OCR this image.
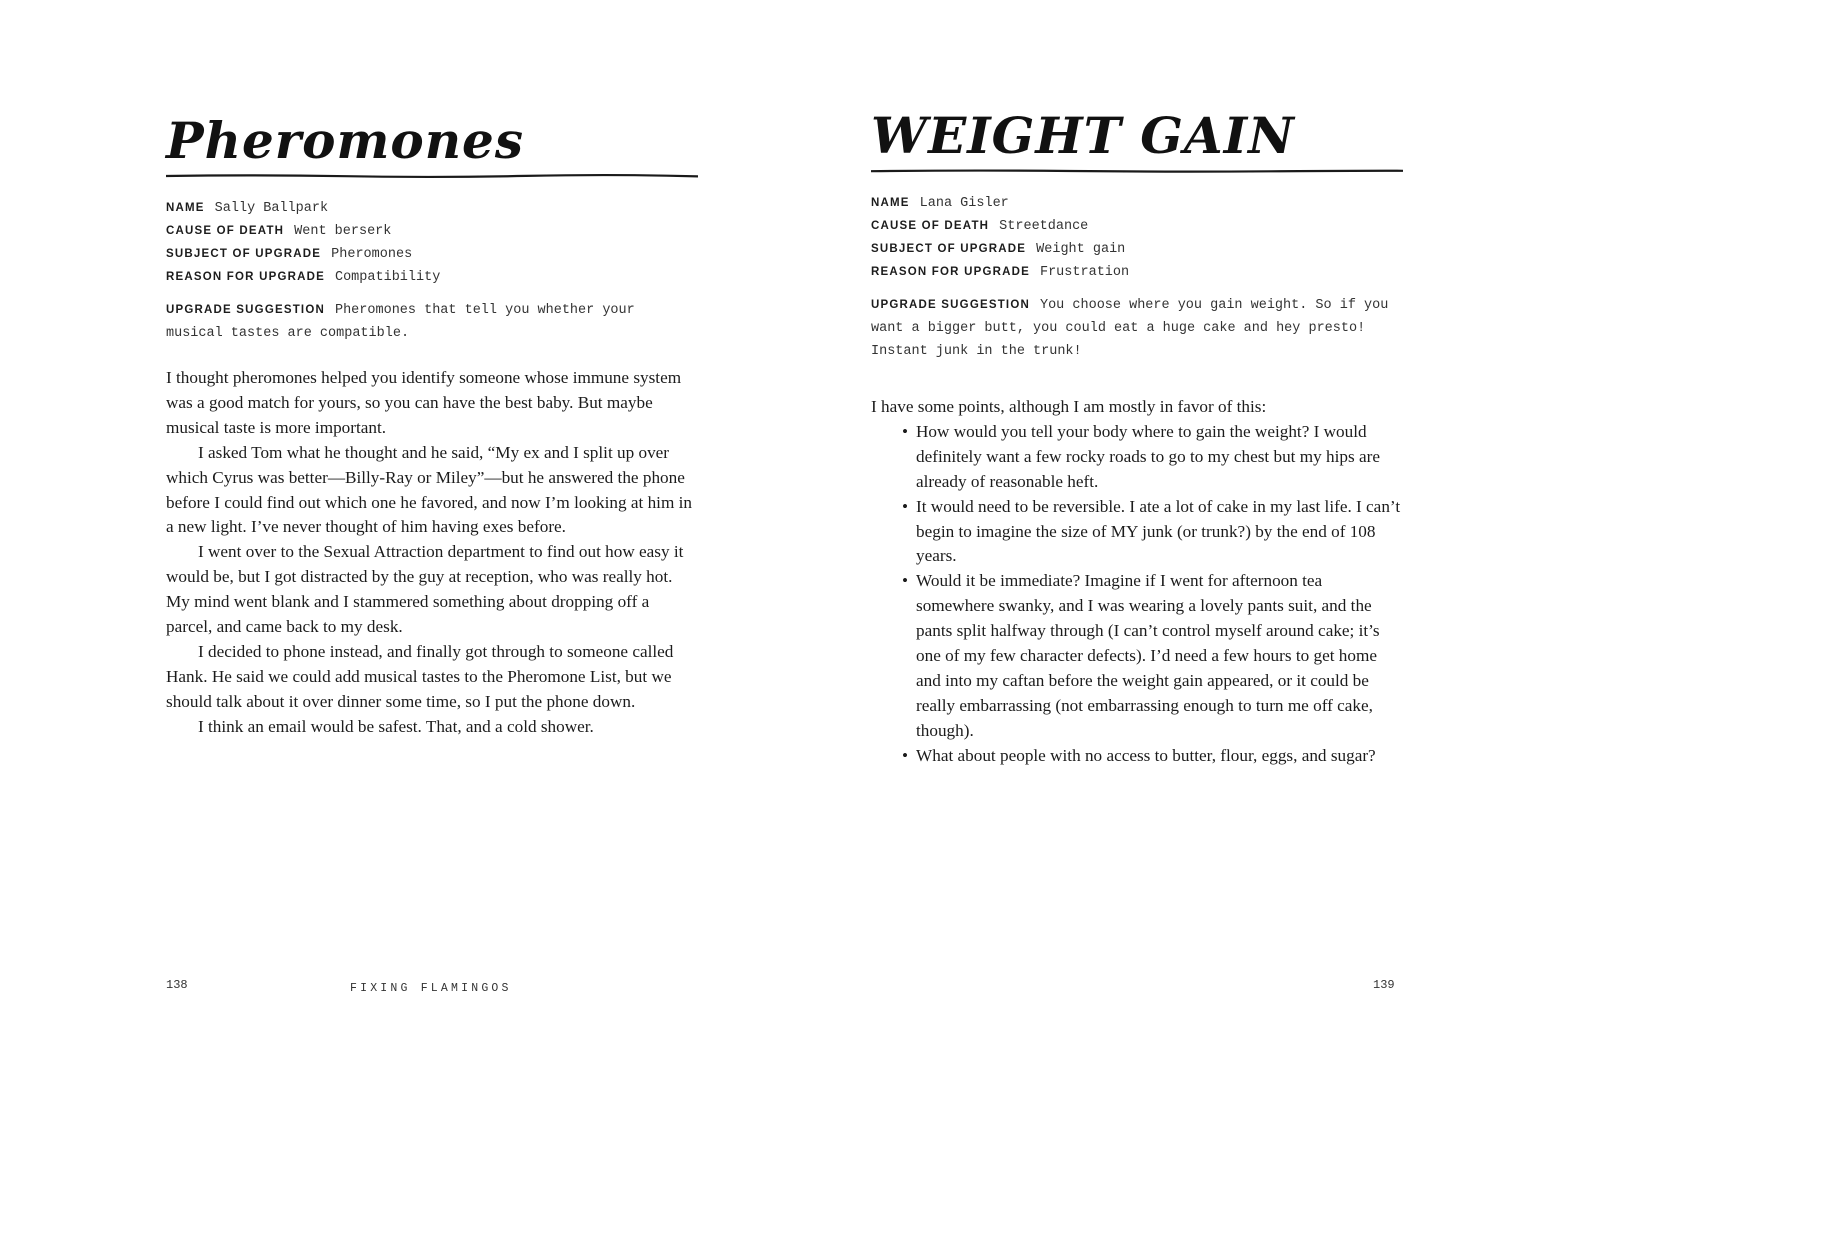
Pheromones
NAME Sally Ballpark
CAUSE OF DEATH Went berserk
SUBJECT OF UPGRADE Pheromones
REASON FOR UPGRADE Compatibility
UPGRADE SUGGESTION Pheromones that tell you whether your musical tastes are compatible.

I thought pheromones helped you identify someone whose immune system was a good match for yours, so you can have the best baby. But maybe musical taste is more important.

I asked Tom what he thought and he said, “My ex and I split up over which Cyrus was better—Billy-Ray or Miley”—but he answered the phone before I could find out which one he favored, and now I’m looking at him in a new light. I’ve never thought of him having exes before.

I went over to the Sexual Attraction department to find out how easy it would be, but I got distracted by the guy at reception, who was really hot. My mind went blank and I stammered something about dropping off a parcel, and came back to my desk.

I decided to phone instead, and finally got through to someone called Hank. He said we could add musical tastes to the Pheromone List, but we should talk about it over dinner some time, so I put the phone down.

I think an email would be safest. That, and a cold shower.

WEIGHT GAIN
NAME Lana Gisler
CAUSE OF DEATH Streetdance
SUBJECT OF UPGRADE Weight gain
REASON FOR UPGRADE Frustration
UPGRADE SUGGESTION You choose where you gain weight. So if you want a bigger butt, you could eat a huge cake and hey presto! Instant junk in the trunk!

I have some points, although I am mostly in favor of this:

• How would you tell your body where to gain the weight? I would definitely want a few rocky roads to go to my chest but my hips are already of reasonable heft.
• It would need to be reversible. I ate a lot of cake in my last life. I can’t begin to imagine the size of MY junk (or trunk?) by the end of 108 years.
• Would it be immediate? Imagine if I went for afternoon tea somewhere swanky, and I was wearing a lovely pants suit, and the pants split halfway through (I can’t control myself around cake; it’s one of my few character defects). I’d need a few hours to get home and into my caftan before the weight gain appeared, or it could be really embarrassing (not embarrassing enough to turn me off cake, though).
• What about people with no access to butter, flour, eggs, and sugar?
138	FIXING FLAMINGOS	139
